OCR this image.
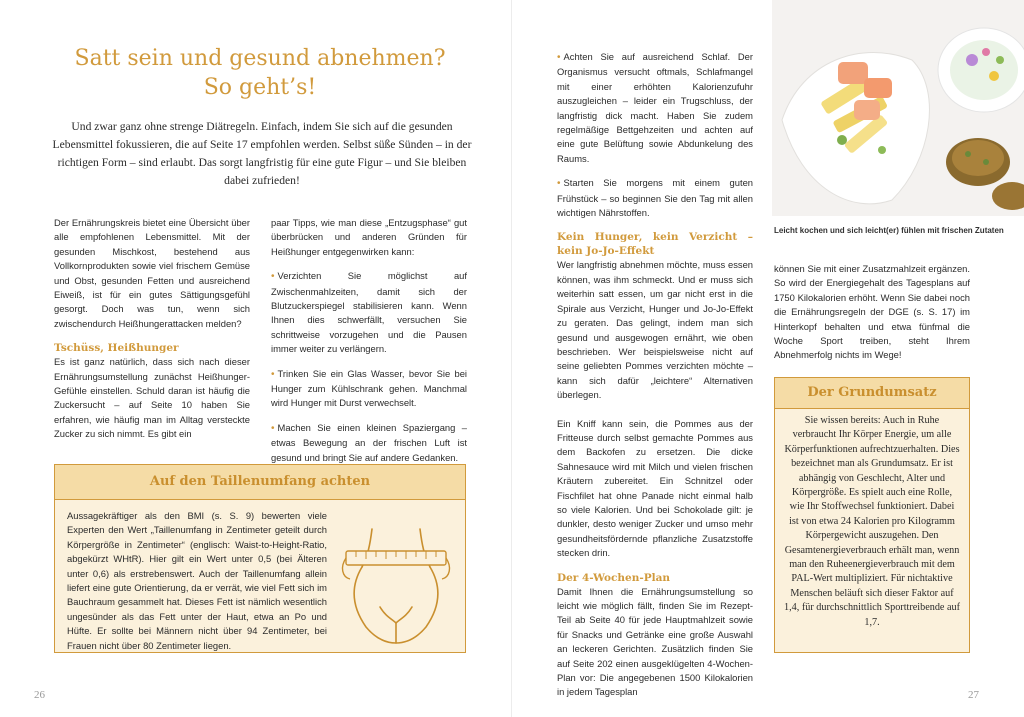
Satt sein und gesund abnehmen?
So geht’s!

Und zwar ganz ohne strenge Diätregeln. Einfach, indem Sie sich auf die gesunden Lebensmittel fokussieren, die auf Seite 17 empfohlen werden. Selbst süße Sünden – in der richtigen Form – sind erlaubt. Das sorgt langfristig für eine gute Figur – und Sie bleiben dabei zufrieden!

Der Ernährungskreis bietet eine Übersicht über alle empfohlenen Lebensmittel. Mit der gesunden Mischkost, bestehend aus Vollkornprodukten sowie viel frischem Gemüse und Obst, gesunden Fetten und ausreichend Eiweiß, ist für ein gutes Sättigungsgefühl gesorgt. Doch was tun, wenn sich zwischendurch Heißhungerattacken melden?

Tschüss, Heißhunger

Es ist ganz natürlich, dass sich nach dieser Ernährungsumstellung zunächst Heißhunger-Gefühle einstellen. Schuld daran ist häufig die Zuckersucht – auf Seite 10 haben Sie erfahren, wie häufig man im Alltag versteckte Zucker zu sich nimmt. Es gibt ein

paar Tipps, wie man diese „Entzugsphase“ gut überbrücken und anderen Gründen für Heißhunger entgegenwirken kann:

• Verzichten Sie möglichst auf Zwischenmahlzeiten, damit sich der Blutzuckerspiegel stabilisieren kann. Wenn Ihnen dies schwerfällt, versuchen Sie schrittweise vorzugehen und die Pausen immer weiter zu verlängern.

• Trinken Sie ein Glas Wasser, bevor Sie bei Hunger zum Kühlschrank gehen. Manchmal wird Hunger mit Durst verwechselt.

• Machen Sie einen kleinen Spaziergang – etwas Bewegung an der frischen Luft ist gesund und bringt Sie auf andere Gedanken.

Auf den Taillenumfang achten
Aussagekräftiger als den BMI (s. S. 9) bewerten viele Experten den Wert „Taillenumfang in Zentimeter geteilt durch Körpergröße in Zentimeter“ (englisch: Waist-to-Height-Ratio, abgekürzt WHtR). Hier gilt ein Wert unter 0,5 (bei Älteren unter 0,6) als erstrebenswert. Auch der Taillenumfang allein liefert eine gute Orientierung, da er verrät, wie viel Fett sich im Bauchraum gesammelt hat. Dieses Fett ist nämlich wesentlich ungesünder als das Fett unter der Haut, etwa an Po und Hüfte. Er sollte bei Männern nicht über 94 Zentimeter, bei Frauen nicht über 80 Zentimeter liegen.
26

• Achten Sie auf ausreichend Schlaf. Der Organismus versucht oftmals, Schlafmangel mit einer erhöhten Kalorienzufuhr auszugleichen – leider ein Trugschluss, der langfristig dick macht. Haben Sie zudem regelmäßige Bettgehzeiten und achten auf eine gute Belüftung sowie Abdunkelung des Raums.

• Starten Sie morgens mit einem guten Frühstück – so beginnen Sie den Tag mit allen wichtigen Nährstoffen.

Kein Hunger, kein Verzicht – kein Jo-Jo-Effekt

Wer langfristig abnehmen möchte, muss essen können, was ihm schmeckt. Und er muss sich weiterhin satt essen, um gar nicht erst in die Spirale aus Verzicht, Hunger und Jo-Jo-Effekt zu geraten. Das gelingt, indem man sich gesund und ausgewogen ernährt, wie oben beschrieben. Wer beispielsweise nicht auf seine geliebten Pommes verzichten möchte – kann sich dafür „leichtere“ Alternativen überlegen.

Ein Kniff kann sein, die Pommes aus der Fritteuse durch selbst gemachte Pommes aus dem Backofen zu ersetzen. Die dicke Sahnesauce wird mit Milch und vielen frischen Kräutern zubereitet. Ein Schnitzel oder Fischfilet hat ohne Panade nicht einmal halb so viele Kalorien. Und bei Schokolade gilt: je dunkler, desto weniger Zucker und umso mehr gesundheitsfördernde pflanzliche Zusatzstoffe stecken drin.

Der 4-Wochen-Plan

Damit Ihnen die Ernährungsumstellung so leicht wie möglich fällt, finden Sie im Rezept-Teil ab Seite 40 für jede Hauptmahlzeit sowie für Snacks und Getränke eine große Auswahl an leckeren Gerichten. Zusätzlich finden Sie auf Seite 202 einen ausgeklügelten 4-Wochen-Plan vor: Die angegebenen 1500 Kilokalorien in jedem Tagesplan

Leicht kochen und sich leicht(er) fühlen mit frischen Zutaten

können Sie mit einer Zusatzmahlzeit ergänzen. So wird der Energiegehalt des Tagesplans auf 1750 Kilokalorien erhöht. Wenn Sie dabei noch die Ernährungsregeln der DGE (s. S. 17) im Hinterkopf behalten und etwa fünfmal die Woche Sport treiben, steht Ihrem Abnehmerfolg nichts im Wege!

Der Grundumsatz
Sie wissen bereits: Auch in Ruhe verbraucht Ihr Körper Energie, um alle Körperfunktionen aufrechtzuerhalten. Dies bezeichnet man als Grundumsatz. Er ist abhängig von Geschlecht, Alter und Körpergröße. Es spielt auch eine Rolle, wie Ihr Stoffwechsel funktioniert. Dabei ist von etwa 24 Kalorien pro Kilogramm Körpergewicht auszugehen. Den Gesamtenergieverbrauch erhält man, wenn man den Ruheenergieverbrauch mit dem PAL-Wert multipliziert. Für nichtaktive Menschen beläuft sich dieser Faktor auf 1,4, für durchschnittlich Sporttreibende auf 1,7.
27
